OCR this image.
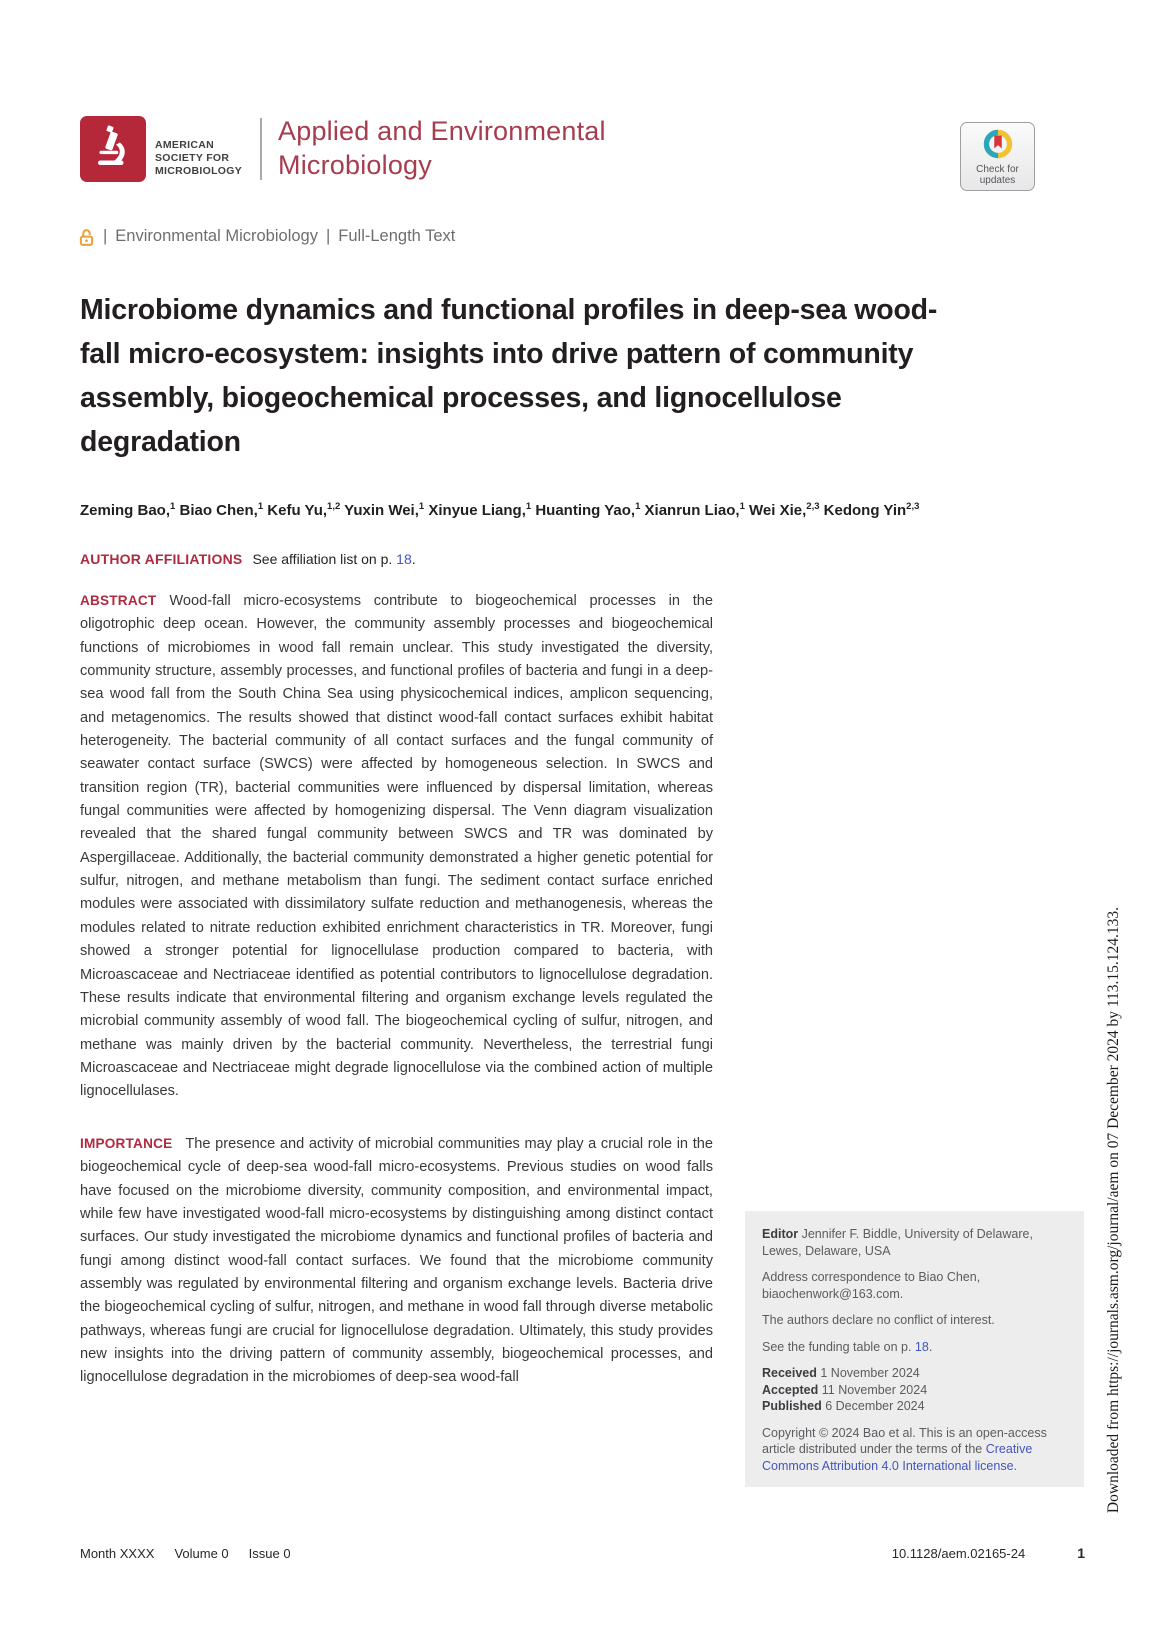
AMERICAN
SOCIETY FOR
MICROBIOLOGY
Applied and Environmental
Microbiology	Check for
updates
| Environmental Microbiology | Full-Length Text
Microbiome dynamics and functional profiles in deep-sea wood-fall micro-ecosystem: insights into drive pattern of community assembly, biogeochemical processes, and lignocellulose degradation
Zeming Bao,$^1$ Biao Chen,$^1$ Kefu Yu,$^{1,2}$ Yuxin Wei,$^1$ Xinyue Liang,$^1$ Huanting Yao,$^1$ Xianrun Liao,$^1$ Wei Xie,$^{2,3}$ Kedong Yin$^{2,3}$
AUTHOR AFFILIATIONS See affiliation list on p. 18.
ABSTRACT Wood-fall micro-ecosystems contribute to biogeochemical processes in the oligotrophic deep ocean. However, the community assembly processes and biogeochemical functions of microbiomes in wood fall remain unclear. This study investigated the diversity, community structure, assembly processes, and functional profiles of bacteria and fungi in a deep-sea wood fall from the South China Sea using physicochemical indices, amplicon sequencing, and metagenomics. The results showed that distinct wood-fall contact surfaces exhibit habitat heterogeneity. The bacterial community of all contact surfaces and the fungal community of seawater contact surface (SWCS) were affected by homogeneous selection. In SWCS and transition region (TR), bacterial communities were influenced by dispersal limitation, whereas fungal communities were affected by homogenizing dispersal. The Venn diagram visualization revealed that the shared fungal community between SWCS and TR was dominated by Aspergillaceae. Additionally, the bacterial community demonstrated a higher genetic potential for sulfur, nitrogen, and methane metabolism than fungi. The sediment contact surface enriched modules were associated with dissimilatory sulfate reduction and methanogenesis, whereas the modules related to nitrate reduction exhibited enrichment characteristics in TR. Moreover, fungi showed a stronger potential for lignocellulase production compared to bacteria, with Microascaceae and Nectriaceae identified as potential contributors to lignocellulose degradation. These results indicate that environmental filtering and organism exchange levels regulated the microbial community assembly of wood fall. The biogeochemical cycling of sulfur, nitrogen, and methane was mainly driven by the bacterial community. Nevertheless, the terrestrial fungi Microascaceae and Nectriaceae might degrade lignocellulose via the combined action of multiple lignocellulases.
IMPORTANCE The presence and activity of microbial communities may play a crucial role in the biogeochemical cycle of deep-sea wood-fall micro-ecosystems. Previous studies on wood falls have focused on the microbiome diversity, community composition, and environmental impact, while few have investigated wood-fall micro-ecosystems by distinguishing among distinct contact surfaces. Our study investigated the microbiome dynamics and functional profiles of bacteria and fungi among distinct wood-fall contact surfaces. We found that the microbiome community assembly was regulated by environmental filtering and organism exchange levels. Bacteria drive the biogeochemical cycling of sulfur, nitrogen, and methane in wood fall through diverse metabolic pathways, whereas fungi are crucial for lignocellulose degradation. Ultimately, this study provides new insights into the driving pattern of community assembly, biogeochemical processes, and lignocellulose degradation in the microbiomes of deep-sea wood-fall

Editor Jennifer F. Biddle, University of Delaware, Lewes, Delaware, USA

Address correspondence to Biao Chen, biaochenwork@163.com.

The authors declare no conflict of interest.

See the funding table on p. 18.

Received 1 November 2024
Accepted 11 November 2024
Published 6 December 2024

Copyright © 2024 Bao et al. This is an open-access article distributed under the terms of the Creative Commons Attribution 4.0 International license.

Month XXXX Volume 0 Issue 0	10.1128/aem.02165-24	1
Downloaded from https://journals.asm.org/journal/aem on 07 December 2024 by 113.15.124.133.
